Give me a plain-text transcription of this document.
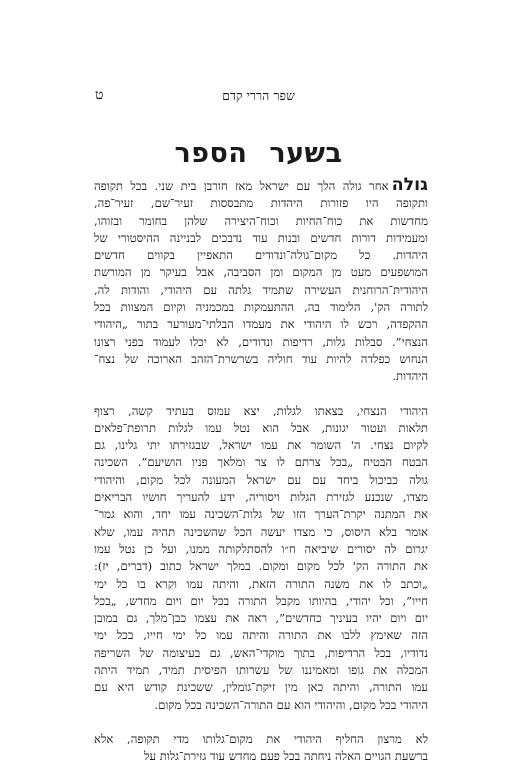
ט	שפר הררי קדם
בשער הספר
גולהאחר גולה הלך עם ישראל מאז חורבן בית שני. בכל תקופה
ותקופה היו פזורות היהדות מתבססות זעיר־שם, זעיר־פה,
מחדשות את כוח־החיות וכוח־היצירה שלהן בחומר ובזוהו,
ומעמידות דורות חדשים ובנות עוד נדבכים לבניינה ההיסטורי של
היהדות. כל מקום־גולה־ונדודים התאפיין בקווים חדשים
המושפעים מעט מן המקום ומן הסביבה, אבל בעיקר מן המורשת
היהודית־הרוחנית העשירה שתמיד גלתה עם היהודי, והודות לה,
לתורה הק', הלימוד בה, ההתעמקות במכמניה וקיום המצוות בכל
ההקפדה, רכש לו היהודי את מעמדו הבלתי־מעורער בתור „היהודי
הנצחי”. סבלות גלות, רדיפות ונדודים, לא יכלו לעמוד בפני רצונו
הנחוש כפלדה להיות עוד חוליה בשרשרת־הזהב הארוכה של נצח־
היהדות.
היהודי הנצחי, בצאתו לגלות, יצא עמוס בעתיד קשה, רצוף
תלאות ועטור יגונות, אבל הוא נטל עמו לגלות תרופת־פלאים
לקיום נצחי. ה' השומר את עמו ישראל, שבגזירתו יתי גלינו, גם
הבטח הבטיח „בכל צרתם לו צר ומלאך פניו הושיעם”. השכינה
גולה כביכול ביחד עם עם ישראל המעונה לכל מקום, והיהודי
מצדו, שנכנע לגזירת הגלות ויסוריה, ידע להעריך חושיו הבריאים
את המתנה יקרת־הערך הזו של גלות־השכינה עמו יחד, והוא גמר־
אומר בלא היסוס, כי מצדו יעשה הכל שהשכינה תהיה עמו, שלא
יגרום לה יסורים שיביאה ח״ו להסתלקותה ממנו, ועל כן נטל עמו
את התורה הק' לכל מקום ומקום. במלך ישראל כתוב (דברים, יז):
„וכתב לו את משנה התורה הזאת, והיתה עמו וקרא בו כל ימי
חייו”, וכל יהודי, בהיותו מקבל התורה בכל יום ויום מחדש, „בכל
יום ויום יהיו בעיניך כחדשים”, ראה את עצמו כבן־מלך, גם במובן
הזה שאימץ ללבו את התורה והיתה עמו כל ימי חייו, בכל ימי
נדודיו, בכל הרדיפות, בתוך מוקדי־האש, גם בעיצומה של השריפה
המכלה את גופו ומאמיננו של עשרותו הפיסית תמיד, תמיד היתה
עמו התורה, והיתה כאן מין זיקת־גומלין, ששכינת קודש היא עם
היהודי בכל מקום, והיהודי הוא עם התורה־השכינה בכל מקום.
לא מרצון החליף היהודי את מקום־גלותו מדי תקופה, אלא
ברשעת הגויים האלה ניחתה בכל פעם מחדש עוד גזירת־גלות על
